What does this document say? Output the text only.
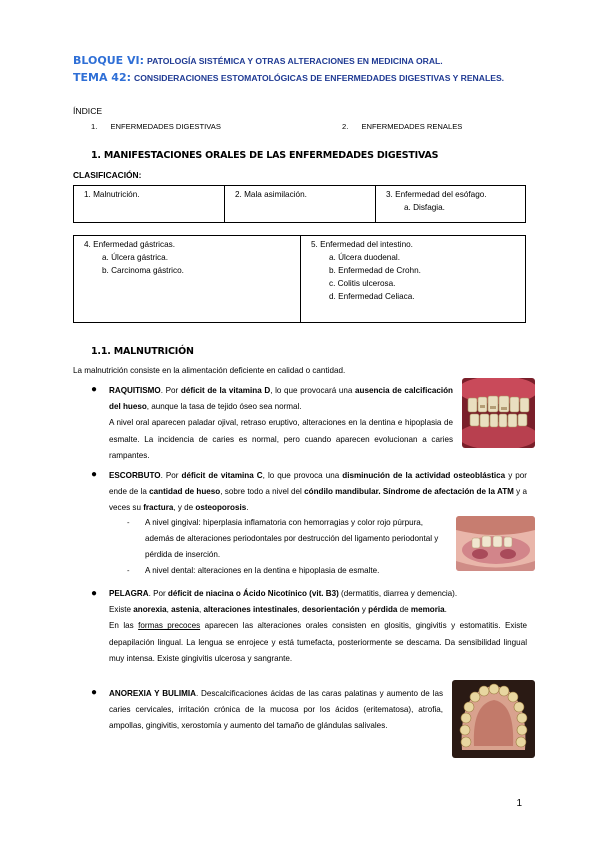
BLOQUE VI: PATOLOGÍA SISTÉMICA Y OTRAS ALTERACIONES EN MEDICINA ORAL.
TEMA 42: CONSIDERACIONES ESTOMATOLÓGICAS DE ENFERMEDADES DIGESTIVAS Y RENALES.
ÍNDICE
1. ENFERMEDADES DIGESTIVAS	2. ENFERMEDADES RENALES
1. MANIFESTACIONES ORALES DE LAS ENFERMEDADES DIGESTIVAS
CLASIFICACIÓN:
1. Malnutrición.	2. Mala asimilación.	3. Enfermedad del esófago.
a. Disfagia.
4. Enfermedad gástricas.
a. Úlcera gástrica.
b. Carcinoma gástrico.

5. Enfermedad del intestino.
a. Úlcera duodenal.
b. Enfermedad de Crohn.
c. Colitis ulcerosa.
d. Enfermedad Celiaca.
1.1. MALNUTRICIÓN
La malnutrición consiste en la alimentación deficiente en calidad o cantidad.
● RAQUITISMO. Por déficit de la vitamina D, lo que provocará una ausencia de calcificación del hueso, aunque la tasa de tejido óseo sea normal.
A nivel oral aparecen paladar ojival, retraso eruptivo, alteraciones en la dentina e hipoplasia de esmalte. La incidencia de caries es normal, pero cuando aparecen evolucionan a caries rampantes.
● ESCORBUTO. Por déficit de vitamina C, lo que provoca una disminución de la actividad osteoblástica y por ende de la cantidad de hueso, sobre todo a nivel del cóndilo mandibular. Síndrome de afectación de la ATM y a veces su fractura, y de osteoporosis.
- A nivel gingival: hiperplasia inflamatoria con hemorragias y color rojo púrpura, además de alteraciones periodontales por destrucción del ligamento periodontal y pérdida de inserción.
- A nivel dental: alteraciones en la dentina e hipoplasia de esmalte.
● PELAGRA. Por déficit de niacina o Ácido Nicotínico (vit. B3) (dermatitis, diarrea y demencia).
Existe anorexia, astenia, alteraciones intestinales, desorientación y pérdida de memoria.
En las formas precoces aparecen las alteraciones orales consisten en glositis, gingivitis y estomatitis. Existe depapilación lingual. La lengua se enrojece y está tumefacta, posteriormente se descama. Da sensibilidad lingual muy intensa. Existe gingivitis ulcerosa y sangrante.
● ANOREXIA Y BULIMIA. Descalcificaciones ácidas de las caras palatinas y aumento de las caries cervicales, irritación crónica de la mucosa por los ácidos (eritematosa), atrofia, ampollas, gingivitis, xerostomía y aumento del tamaño de glándulas salivales.
1
